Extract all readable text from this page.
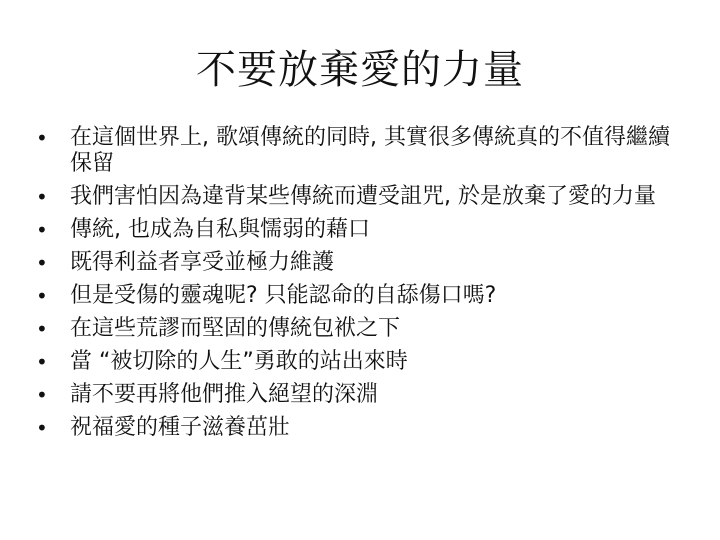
不要放棄愛的力量
•	在這個世界上, 歌頌傳統的同時, 其實很多傳統真的不值得繼續保留
•	我們害怕因為違背某些傳統而遭受詛咒, 於是放棄了愛的力量
•	傳統, 也成為自私與懦弱的藉口
•	既得利益者享受並極力維護
•	但是受傷的靈魂呢? 只能認命的自舔傷口嗎?
•	在這些荒謬而堅固的傳統包袱之下
•	當 “被切除的人生”勇敢的站出來時
•	請不要再將他們推入絕望的深淵
•	祝福愛的種子滋養茁壯
